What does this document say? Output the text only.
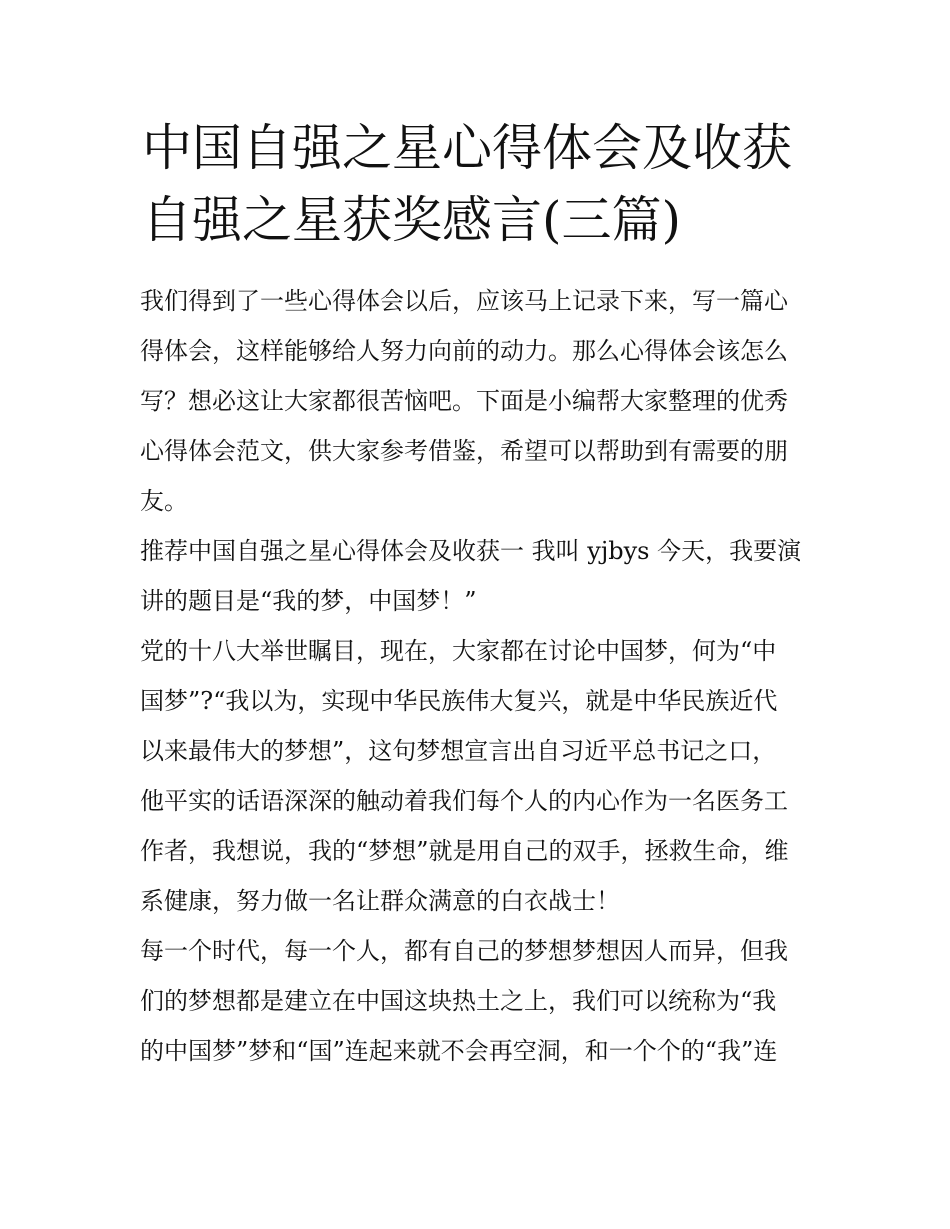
中国自强之星心得体会及收获
自强之星获奖感言(三篇)
我们得到了一些心得体会以后，应该马上记录下来，写一篇心
得体会，这样能够给人努力向前的动力。那么心得体会该怎么
写？想必这让大家都很苦恼吧。下面是小编帮大家整理的优秀
心得体会范文，供大家参考借鉴，希望可以帮助到有需要的朋
友。
推荐中国自强之星心得体会及收获一 我叫 yjbys 今天，我要演
讲的题目是“我的梦，中国梦！”
党的十八大举世瞩目，现在，大家都在讨论中国梦，何为“中
国梦”?“我以为，实现中华民族伟大复兴，就是中华民族近代
以来最伟大的梦想”，这句梦想宣言出自习近平总书记之口，
他平实的话语深深的触动着我们每个人的内心作为一名医务工
作者，我想说，我的“梦想”就是用自己的双手，拯救生命，维
系健康，努力做一名让群众满意的白衣战士！
每一个时代，每一个人，都有自己的梦想梦想因人而异，但我
们的梦想都是建立在中国这块热土之上，我们可以统称为“我
的中国梦”梦和“国”连起来就不会再空洞，和一个个的“我”连
